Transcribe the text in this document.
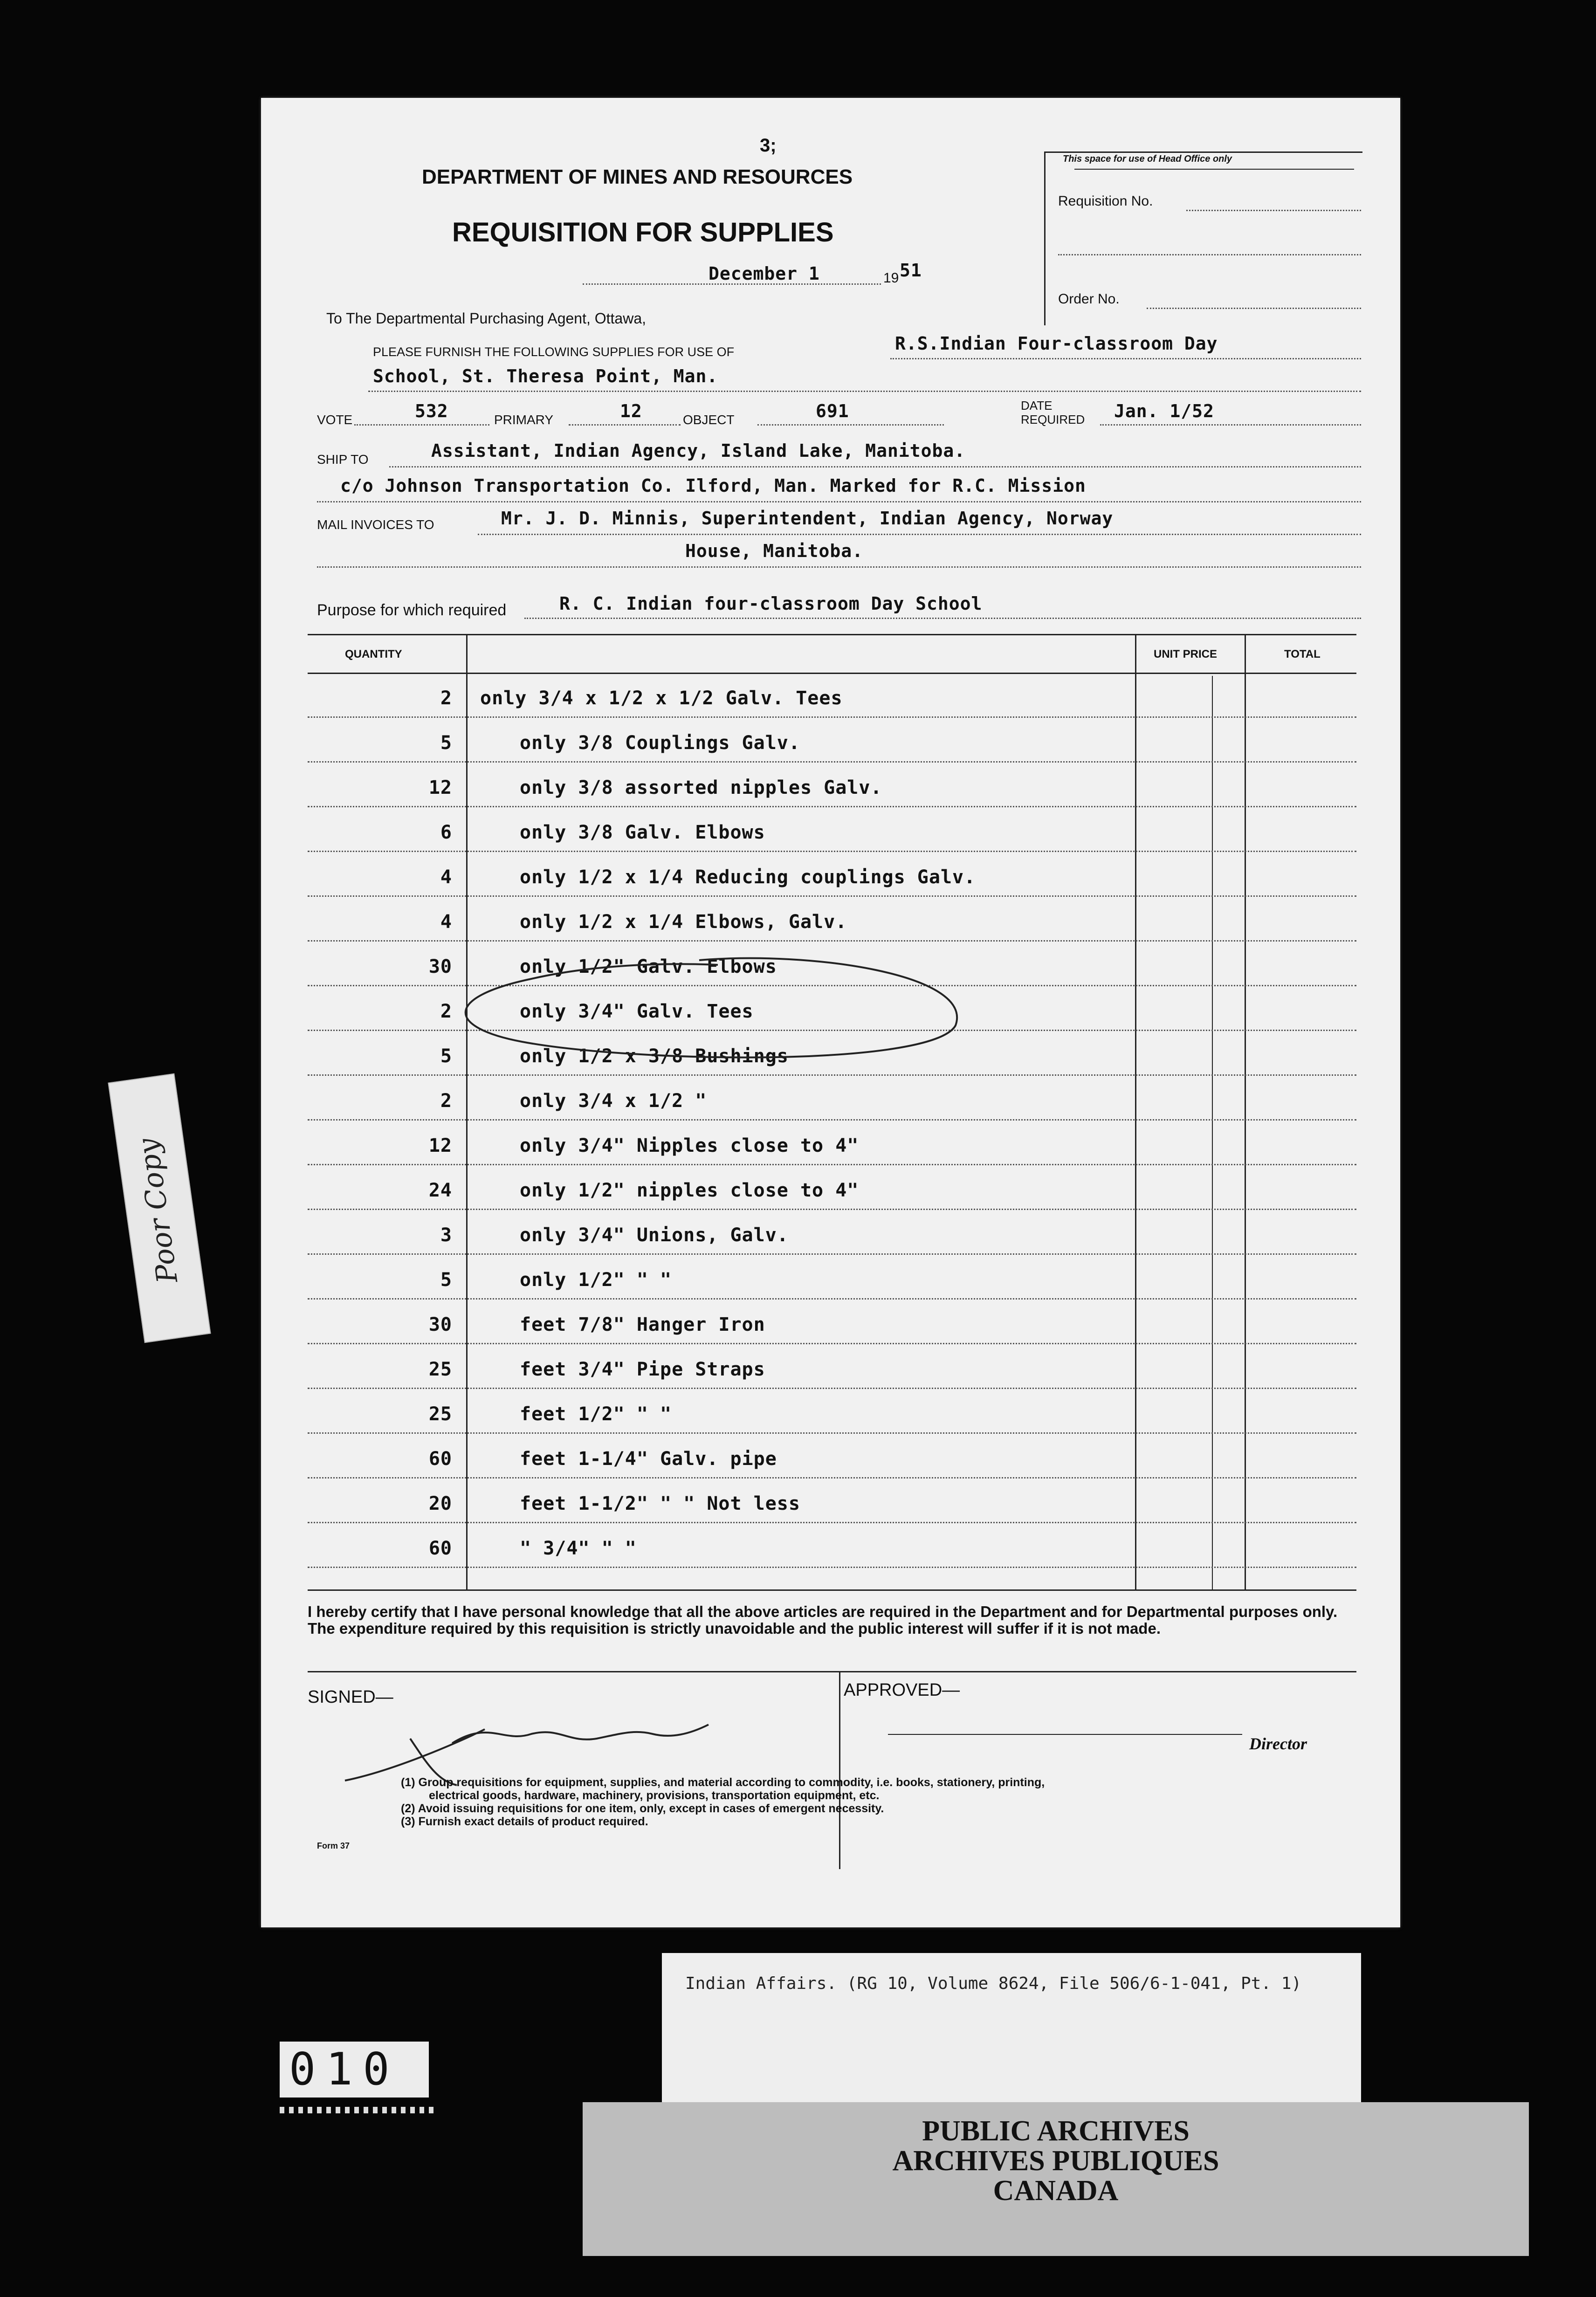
3;
DEPARTMENT OF MINES AND RESOURCES
REQUISITION FOR SUPPLIES
December 1	19 51
This space for use of Head Office only
Requisition No.
Order No.
To The Departmental Purchasing Agent, Ottawa,
PLEASE FURNISH THE FOLLOWING SUPPLIES FOR USE OF	R.S.Indian Four-classroom Day
School, St. Theresa Point, Man.
VOTE	532	PRIMARY	12	OBJECT	691	DATE
REQUIRED Jan. 1/52
SHIP TO	Assistant, Indian Agency, Island Lake, Manitoba.
c/o Johnson Transportation Co. Ilford, Man. Marked for R.C. Mission
MAIL INVOICES TO	Mr. J. D. Minnis, Superintendent, Indian Agency, Norway
House, Manitoba.
Purpose for which required	R. C. Indian four-classroom Day School
QUANTITY	UNIT PRICE	TOTAL
2 only 3/4 x 1/2 x 1/2 Galv. Tees
5	only 3/8 Couplings Galv.
12	only 3/8 assorted nipples Galv.
6	only 3/8 Galv. Elbows
4	only 1/2 x 1/4 Reducing couplings Galv.
4	only 1/2 x 1/4 Elbows, Galv.
30	only 1/2" Galv. Elbows
2	only 3/4" Galv. Tees
5	only 1/2 x 3/8 Bushings
2	only 3/4 x 1/2 "
12	only 3/4" Nipples close to 4"
24	only 1/2" nipples close to 4"
3	only 3/4" Unions, Galv.
5	only 1/2" " "
30	feet 7/8" Hanger Iron
25	feet 3/4" Pipe Straps
25	feet 1/2" " "
60	feet 1-1/4" Galv. pipe
20	feet 1-1/2" " " Not less
60	" 3/4" " "
I hereby certify that I have personal knowledge that all the above articles are required in the Department and for Departmental purposes only. The expenditure required by this requisition is strictly unavoidable and the public interest will suffer if it is not made.
SIGNED—	APPROVED—
Director
(1) Group requisitions for equipment, supplies, and material according to commodity, i.e. books, stationery, printing,
electrical goods, hardware, machinery, provisions, transportation equipment, etc.
(2) Avoid issuing requisitions for one item, only, except in cases of emergent necessity.
(3) Furnish exact details of product required.
Form 37
Poor Copy
Indian Affairs. (RG 10, Volume 8624, File 506/6-1-041, Pt. 1)
010
PUBLIC ARCHIVES
ARCHIVES PUBLIQUES
CANADA
